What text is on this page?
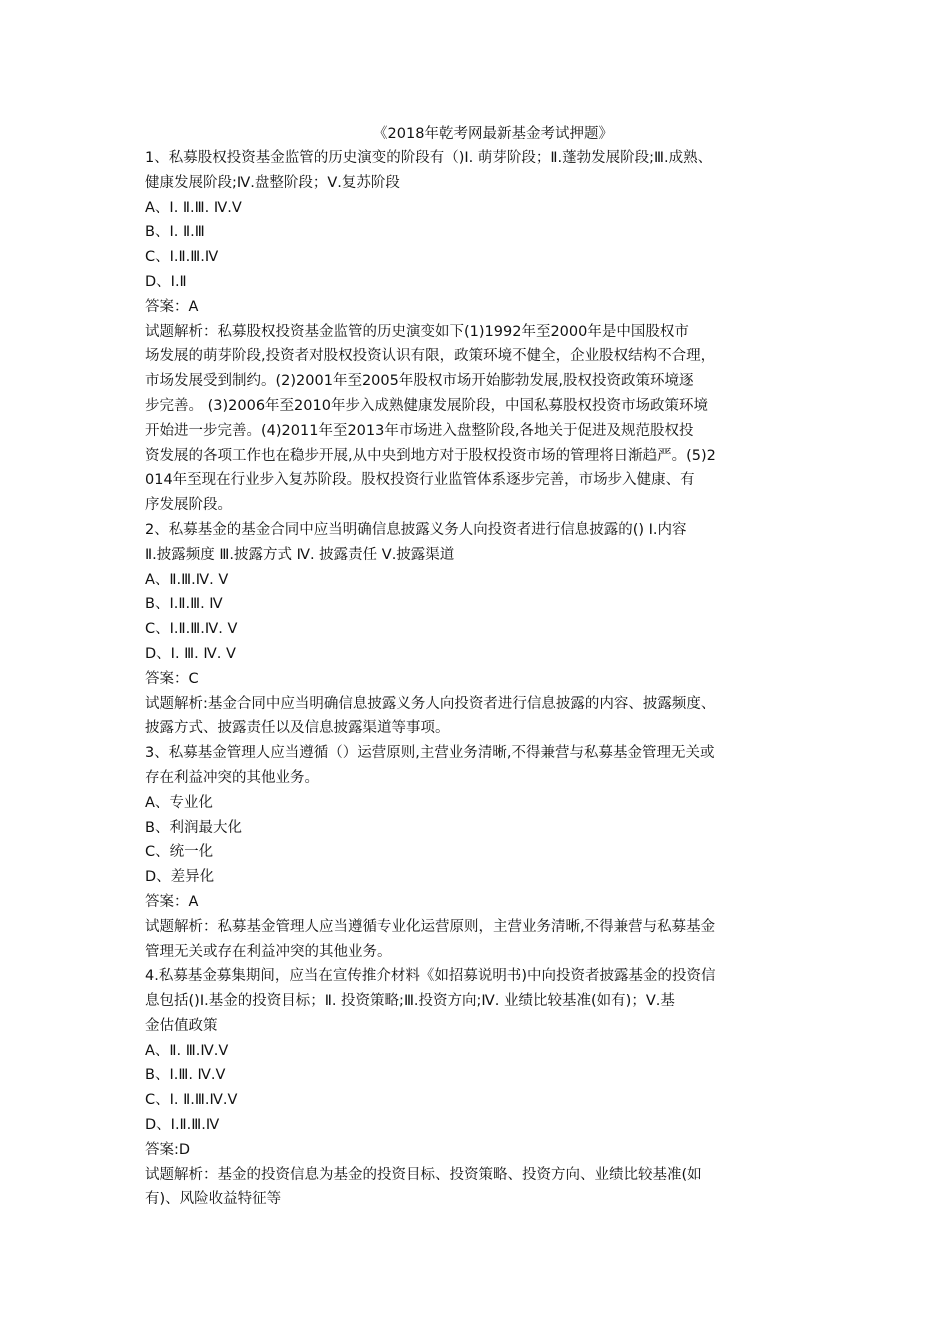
《2018年乾考网最新基金考试押题》
1、私募股权投资基金监管的历史演变的阶段有（)Ⅰ. 萌芽阶段；Ⅱ.蓬勃发展阶段;Ⅲ.成熟、
健康发展阶段;Ⅳ.盘整阶段；Ⅴ.复苏阶段
A、Ⅰ. Ⅱ.Ⅲ. Ⅳ.Ⅴ
B、Ⅰ. Ⅱ.Ⅲ
C、Ⅰ.Ⅱ.Ⅲ.Ⅳ
D、Ⅰ.Ⅱ
答案：A
试题解析：私募股权投资基金监管的历史演变如下(1)1992年至2000年是中国股权市
场发展的萌芽阶段,投资者对股权投资认识有限，政策环境不健全，企业股权结构不合理，
市场发展受到制约。(2)2001年至2005年股权市场开始膨勃发展,股权投资政策环境逐
步完善。 (3)2006年至2010年步入成熟健康发展阶段，中国私募股权投资市场政策环境
开始进一步完善。(4)2011年至2013年市场进入盘整阶段,各地关于促进及规范股权投
资发展的各项工作也在稳步开展,从中央到地方对于股权投资市场的管理将日渐趋严。(5)2
014年至现在行业步入复苏阶段。股权投资行业监管体系逐步完善，市场步入健康、有
序发展阶段。
2、私募基金的基金合同中应当明确信息披露义务人向投资者进行信息披露的() Ⅰ.内容
Ⅱ.披露频度 Ⅲ.披露方式 Ⅳ. 披露责任 Ⅴ.披露渠道
A、Ⅱ.Ⅲ.Ⅳ. Ⅴ
B、Ⅰ.Ⅱ.Ⅲ. Ⅳ
C、Ⅰ.Ⅱ.Ⅲ.Ⅳ. Ⅴ
D、Ⅰ. Ⅲ. Ⅳ. Ⅴ
答案：C
试题解析:基金合同中应当明确信息披露义务人向投资者进行信息披露的内容、披露频度、
披露方式、披露责任以及信息披露渠道等事项。
3、私募基金管理人应当遵循（）运营原则,主营业务清晰,不得兼营与私募基金管理无关或
存在利益冲突的其他业务。
A、专业化
B、利润最大化
C、统一化
D、差异化
答案：A
试题解析：私募基金管理人应当遵循专业化运营原则，主营业务清晰,不得兼营与私募基金
管理无关或存在利益冲突的其他业务。
4.私募基金募集期间，应当在宣传推介材料《如招募说明书)中向投资者披露基金的投资信
息包括()Ⅰ.基金的投资目标；Ⅱ. 投资策略;Ⅲ.投资方向;Ⅳ. 业绩比较基准(如有)；Ⅴ.基
金估值政策
A、Ⅱ. Ⅲ.Ⅳ.Ⅴ
B、Ⅰ.Ⅲ. Ⅳ.Ⅴ
C、Ⅰ. Ⅱ.Ⅲ.Ⅳ.Ⅴ
D、Ⅰ.Ⅱ.Ⅲ.Ⅳ
答案:D
试题解析：基金的投资信息为基金的投资目标、投资策略、投资方向、业绩比较基准(如
有)、风险收益特征等
